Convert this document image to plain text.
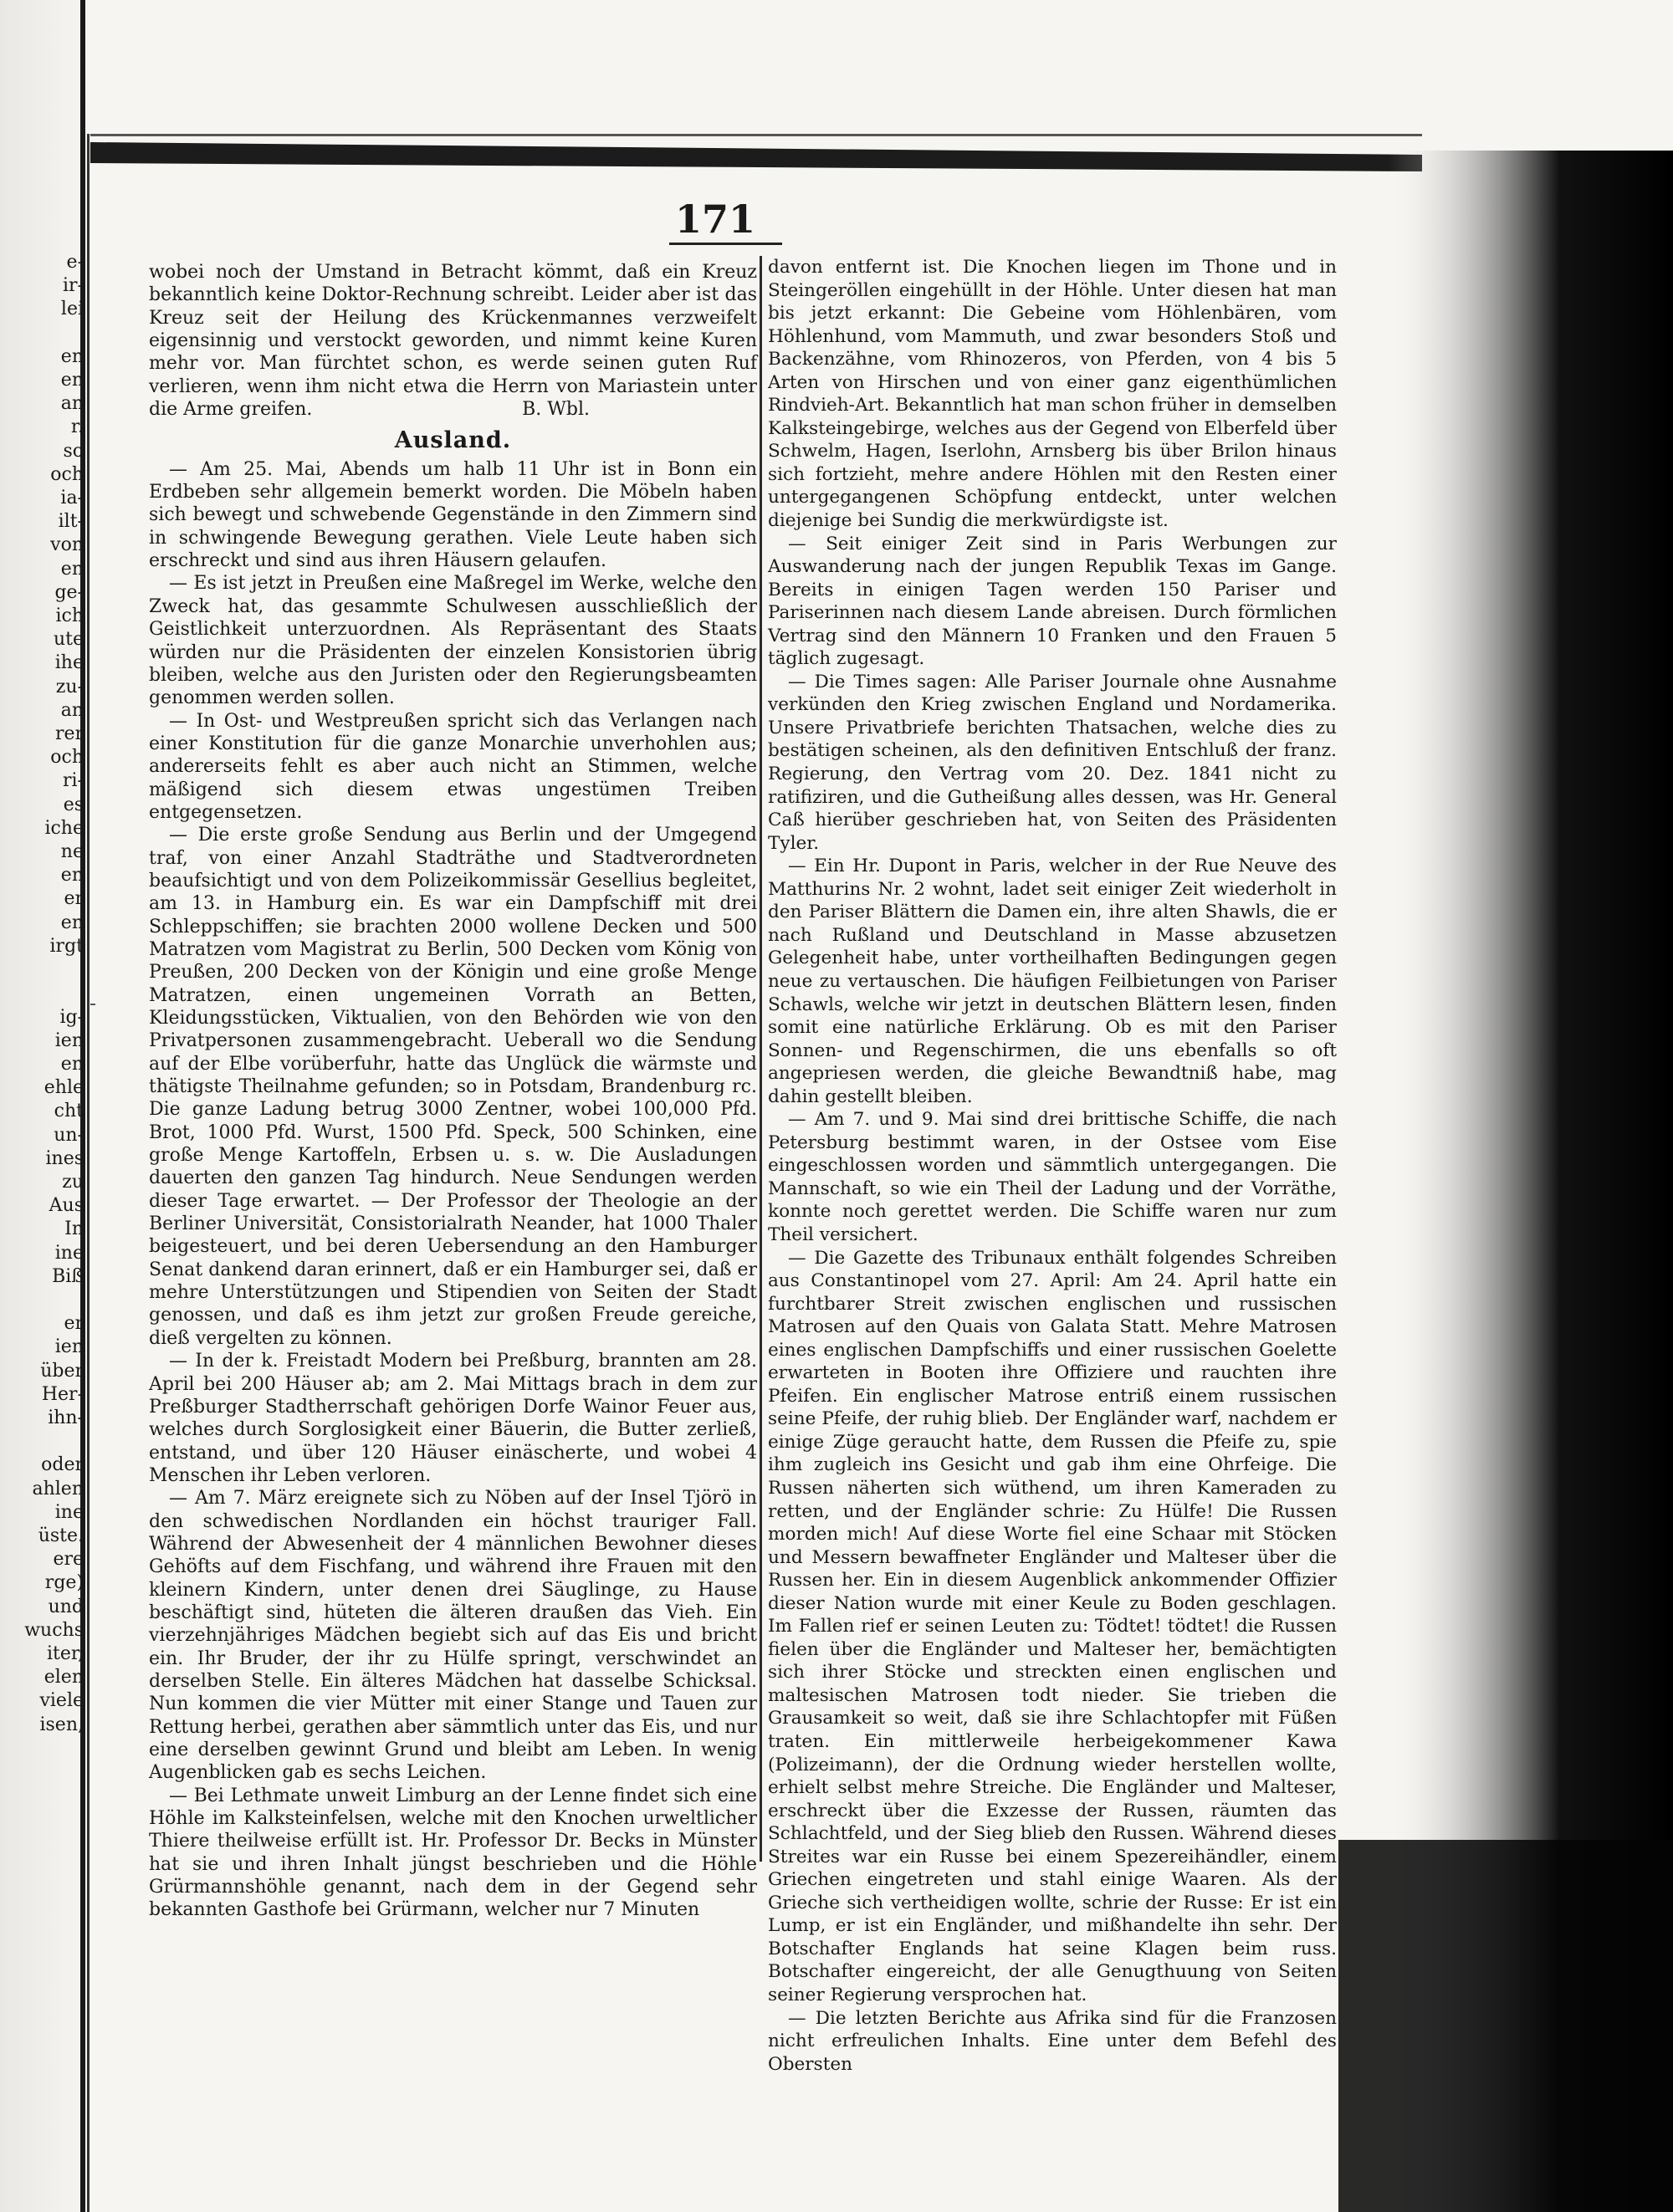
e-
ir-
lei

en
en
an
r.
so
och
ia-
ilt-
von
en
ge-
ich
ute
ihe
zu-
an
rer
och
ri-
es
iche
ne
en
er
en
irgt

ig-
ien
en
ehle
cht
un-
ines
zu
Aus
In
ine
Biß

er
ien
über
Her-
ihn-

oder
ahlen
ine
üste.
ere
rge)
und
wuchs
iter,
elen
viele
isen,
171

wobei noch der Umstand in Betracht kömmt, daß ein Kreuz bekanntlich keine Doktor-Rechnung schreibt. Leider aber ist das Kreuz seit der Heilung des Krückenmannes verzweifelt eigensinnig und verstockt geworden, und nimmt keine Kuren mehr vor. Man fürchtet schon, es werde seinen guten Ruf verlieren, wenn ihm nicht etwa die Herrn von Mariastein unter die Arme greifen.	B. Wbl.
Ausland.

— Am 25. Mai, Abends um halb 11 Uhr ist in Bonn ein Erdbeben sehr allgemein bemerkt worden. Die Möbeln haben sich bewegt und schwebende Gegenstände in den Zimmern sind in schwingende Bewegung gerathen. Viele Leute haben sich erschreckt und sind aus ihren Häusern gelaufen.

— Es ist jetzt in Preußen eine Maßregel im Werke, welche den Zweck hat, das gesammte Schulwesen ausschließlich der Geistlichkeit unterzuordnen. Als Repräsentant des Staats würden nur die Präsidenten der einzelen Konsistorien übrig bleiben, welche aus den Juristen oder den Regierungsbeamten genommen werden sollen.

— In Ost- und Westpreußen spricht sich das Verlangen nach einer Konstitution für die ganze Monarchie unverhohlen aus; andererseits fehlt es aber auch nicht an Stimmen, welche mäßigend sich diesem etwas ungestümen Treiben entgegensetzen.

— Die erste große Sendung aus Berlin und der Umgegend traf, von einer Anzahl Stadträthe und Stadtverordneten beaufsichtigt und von dem Polizeikommissär Gesellius begleitet, am 13. in Hamburg ein. Es war ein Dampfschiff mit drei Schleppschiffen; sie brachten 2000 wollene Decken und 500 Matratzen vom Magistrat zu Berlin, 500 Decken vom König von Preußen, 200 Decken von der Königin und eine große Menge Matratzen, einen ungemeinen Vorrath an Betten, Kleidungsstücken, Viktualien, von den Behörden wie von den Privatpersonen zusammengebracht. Ueberall wo die Sendung auf der Elbe vorüberfuhr, hatte das Unglück die wärmste und thätigste Theilnahme gefunden; so in Potsdam, Brandenburg rc. Die ganze Ladung betrug 3000 Zentner, wobei 100,000 Pfd. Brot, 1000 Pfd. Wurst, 1500 Pfd. Speck, 500 Schinken, eine große Menge Kartoffeln, Erbsen u. s. w. Die Ausladungen dauerten den ganzen Tag hindurch. Neue Sendungen werden dieser Tage erwartet. — Der Professor der Theologie an der Berliner Universität, Consistorialrath Neander, hat 1000 Thaler beigesteuert, und bei deren Uebersendung an den Hamburger Senat dankend daran erinnert, daß er ein Hamburger sei, daß er mehre Unterstützungen und Stipendien von Seiten der Stadt genossen, und daß es ihm jetzt zur großen Freude gereiche, dieß vergelten zu können.

— In der k. Freistadt Modern bei Preßburg, brannten am 28. April bei 200 Häuser ab; am 2. Mai Mittags brach in dem zur Preßburger Stadtherrschaft gehörigen Dorfe Wainor Feuer aus, welches durch Sorglosigkeit einer Bäuerin, die Butter zerließ, entstand, und über 120 Häuser einäscherte, und wobei 4 Menschen ihr Leben verloren.

— Am 7. März ereignete sich zu Nöben auf der Insel Tjörö in den schwedischen Nordlanden ein höchst trauriger Fall. Während der Abwesenheit der 4 männlichen Bewohner dieses Gehöfts auf dem Fischfang, und während ihre Frauen mit den kleinern Kindern, unter denen drei Säuglinge, zu Hause beschäftigt sind, hüteten die älteren draußen das Vieh. Ein vierzehnjähriges Mädchen begiebt sich auf das Eis und bricht ein. Ihr Bruder, der ihr zu Hülfe springt, verschwindet an derselben Stelle. Ein älteres Mädchen hat dasselbe Schicksal. Nun kommen die vier Mütter mit einer Stange und Tauen zur Rettung herbei, gerathen aber sämmtlich unter das Eis, und nur eine derselben gewinnt Grund und bleibt am Leben. In wenig Augenblicken gab es sechs Leichen.

— Bei Lethmate unweit Limburg an der Lenne findet sich eine Höhle im Kalksteinfelsen, welche mit den Knochen urweltlicher Thiere theilweise erfüllt ist. Hr. Professor Dr. Becks in Münster hat sie und ihren Inhalt jüngst beschrieben und die Höhle Grürmannshöhle genannt, nach dem in der Gegend sehr bekannten Gasthofe bei Grürmann, welcher nur 7 Minuten

davon entfernt ist. Die Knochen liegen im Thone und in Steingeröllen eingehüllt in der Höhle. Unter diesen hat man bis jetzt erkannt: Die Gebeine vom Höhlenbären, vom Höhlenhund, vom Mammuth, und zwar besonders Stoß und Backenzähne, vom Rhinozeros, von Pferden, von 4 bis 5 Arten von Hirschen und von einer ganz eigenthümlichen Rindvieh-Art. Bekanntlich hat man schon früher in demselben Kalksteingebirge, welches aus der Gegend von Elberfeld über Schwelm, Hagen, Iserlohn, Arnsberg bis über Brilon hinaus sich fortzieht, mehre andere Höhlen mit den Resten einer untergegangenen Schöpfung entdeckt, unter welchen diejenige bei Sundig die merkwürdigste ist.

— Seit einiger Zeit sind in Paris Werbungen zur Auswanderung nach der jungen Republik Texas im Gange. Bereits in einigen Tagen werden 150 Pariser und Pariserinnen nach diesem Lande abreisen. Durch förmlichen Vertrag sind den Männern 10 Franken und den Frauen 5 täglich zugesagt.

— Die Times sagen: Alle Pariser Journale ohne Ausnahme verkünden den Krieg zwischen England und Nordamerika. Unsere Privatbriefe berichten Thatsachen, welche dies zu bestätigen scheinen, als den definitiven Entschluß der franz. Regierung, den Vertrag vom 20. Dez. 1841 nicht zu ratifiziren, und die Gutheißung alles dessen, was Hr. General Caß hierüber geschrieben hat, von Seiten des Präsidenten Tyler.

— Ein Hr. Dupont in Paris, welcher in der Rue Neuve des Matthurins Nr. 2 wohnt, ladet seit einiger Zeit wiederholt in den Pariser Blättern die Damen ein, ihre alten Shawls, die er nach Rußland und Deutschland in Masse abzusetzen Gelegenheit habe, unter vortheilhaften Bedingungen gegen neue zu vertauschen. Die häufigen Feilbietungen von Pariser Schawls, welche wir jetzt in deutschen Blättern lesen, finden somit eine natürliche Erklärung. Ob es mit den Pariser Sonnen- und Regenschirmen, die uns ebenfalls so oft angepriesen werden, die gleiche Bewandtniß habe, mag dahin gestellt bleiben.

— Am 7. und 9. Mai sind drei brittische Schiffe, die nach Petersburg bestimmt waren, in der Ostsee vom Eise eingeschlossen worden und sämmtlich untergegangen. Die Mannschaft, so wie ein Theil der Ladung und der Vorräthe, konnte noch gerettet werden. Die Schiffe waren nur zum Theil versichert.

— Die Gazette des Tribunaux enthält folgendes Schreiben aus Constantinopel vom 27. April: Am 24. April hatte ein furchtbarer Streit zwischen englischen und russischen Matrosen auf den Quais von Galata Statt. Mehre Matrosen eines englischen Dampfschiffs und einer russischen Goelette erwarteten in Booten ihre Offiziere und rauchten ihre Pfeifen. Ein englischer Matrose entriß einem russischen seine Pfeife, der ruhig blieb. Der Engländer warf, nachdem er einige Züge geraucht hatte, dem Russen die Pfeife zu, spie ihm zugleich ins Gesicht und gab ihm eine Ohrfeige. Die Russen näherten sich wüthend, um ihren Kameraden zu retten, und der Engländer schrie: Zu Hülfe! Die Russen morden mich! Auf diese Worte fiel eine Schaar mit Stöcken und Messern bewaffneter Engländer und Malteser über die Russen her. Ein in diesem Augenblick ankommender Offizier dieser Nation wurde mit einer Keule zu Boden geschlagen. Im Fallen rief er seinen Leuten zu: Tödtet! tödtet! die Russen fielen über die Engländer und Malteser her, bemächtigten sich ihrer Stöcke und streckten einen englischen und maltesischen Matrosen todt nieder. Sie trieben die Grausamkeit so weit, daß sie ihre Schlachtopfer mit Füßen traten. Ein mittlerweile herbeigekommener Kawa (Polizeimann), der die Ordnung wieder herstellen wollte, erhielt selbst mehre Streiche. Die Engländer und Malteser, erschreckt über die Exzesse der Russen, räumten das Schlachtfeld, und der Sieg blieb den Russen. Während dieses Streites war ein Russe bei einem Spezereihändler, einem Griechen eingetreten und stahl einige Waaren. Als der Grieche sich vertheidigen wollte, schrie der Russe: Er ist ein Lump, er ist ein Engländer, und mißhandelte ihn sehr. Der Botschafter Englands hat seine Klagen beim russ. Botschafter eingereicht, der alle Genugthuung von Seiten seiner Regierung versprochen hat.

— Die letzten Berichte aus Afrika sind für die Franzosen nicht erfreulichen Inhalts. Eine unter dem Befehl des Obersten
